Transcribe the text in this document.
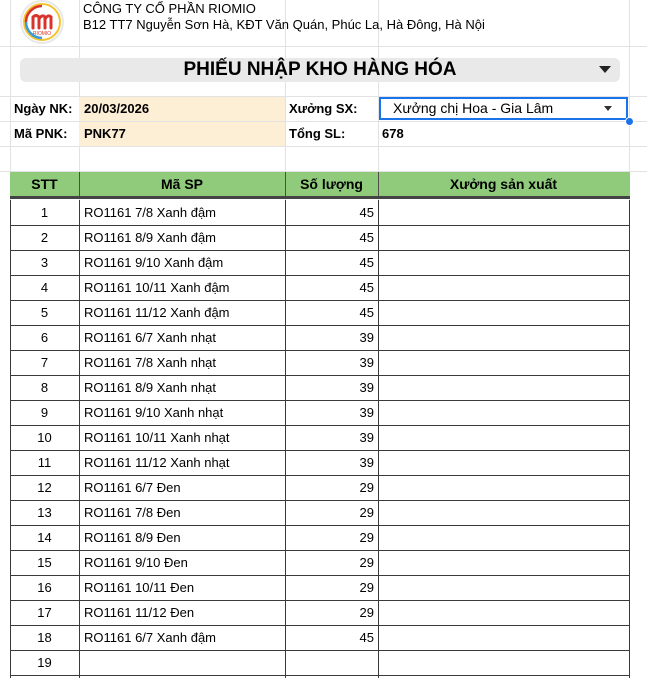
RIOMIO
CÔNG TY CỔ PHẦN RIOMIO
B12 TT7 Nguyễn Sơn Hà, KĐT Văn Quán, Phúc La, Hà Đông, Hà Nội
PHIẾU NHẬP KHO HÀNG HÓA
Ngày NK: 20/03/2026
Mã PNK: PNK77
Xưởng SX:	Xưởng chị Hoa - Gia Lâm
Tổng SL:	678
STT	Mã SP	Số lượng	Xưởng sản xuất
1	RO1161 7/8 Xanh đậm	45
2	RO1161 8/9 Xanh đậm	45
3	RO1161 9/10 Xanh đậm	45
4	RO1161 10/11 Xanh đậm	45
5	RO1161 11/12 Xanh đậm	45
6	RO1161 6/7 Xanh nhạt	39
7	RO1161 7/8 Xanh nhạt	39
8	RO1161 8/9 Xanh nhạt	39
9	RO1161 9/10 Xanh nhạt	39
10	RO1161 10/11 Xanh nhạt	39
11	RO1161 11/12 Xanh nhạt	39
12	RO1161 6/7 Đen	29
13	RO1161 7/8 Đen	29
14	RO1161 8/9 Đen	29
15	RO1161 9/10 Đen	29
16	RO1161 10/11 Đen	29
17	RO1161 11/12 Đen	29
18	RO1161 6/7 Xanh đậm	45
19
